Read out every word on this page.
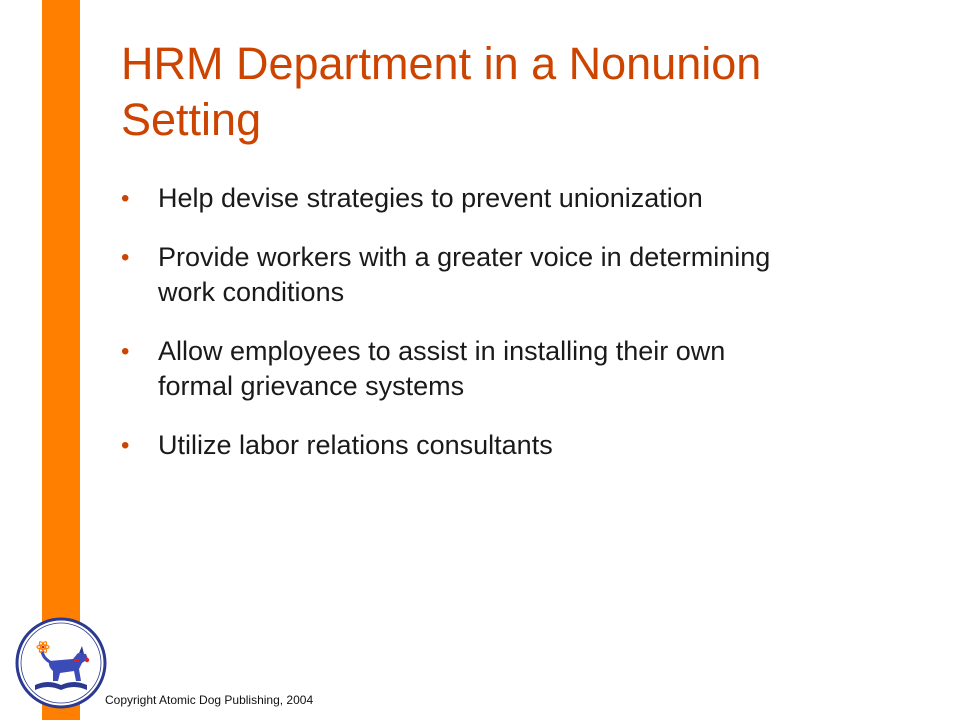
HRM Department in a Nonunion
Setting
• Help devise strategies to prevent unionization
• Provide workers with a greater voice in determining
work conditions
• Allow employees to assist in installing their own
formal grievance systems
• Utilize labor relations consultants
Copyright Atomic Dog Publishing, 2004
